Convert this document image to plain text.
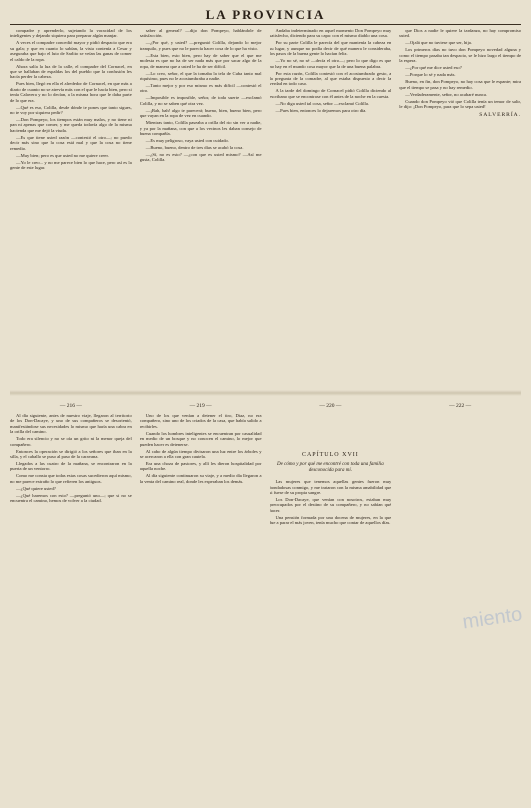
LA PROVINCIA

compadre y aprenderlo, sujetando la voracidad de los inteligentes y dejando siquiera para preparar algún manjar.

A veces el compadre concedió mayor y pidió despacio que era su gala; y que en cuanto lo sabían, la vista contenía a Cesar y aseguraba que bajo el luto de Sarlito se veían las ganas de comer el caldo de la ropa.

Ahora salía la luz de la calle, el compadre del Cornacel, en que se hallaban de espaldas los del pueblo que la confusión les hacía perder la cabeza.

Pues bien, llegó en ella el alrededor de Cornacel, en que más a diario de cuanto no se atrevía más con el que le hacía bien, pero si tenía Calavera y no lo decían, a la misma hora que le daba parte de lo que era.

—Qué es eso, Colilla, desde dónde te pones que tanto sigues, no te voy por siquiera pedir?

—Don Pompeyo, los tiempos están muy malos, y no tiene ni pan ni apenas que comer, y me queda todavía algo de la misma hacienda que me dejó la viuda.

—Es que tiene usted razón —contestó el otro—; no puedo decir más sino que la cosa está mal y que la cosa no tiene remedio.

—Muy bien; pero es que usted no me quiere creer.

—Yo le creo... y no me parece bien lo que hace, pero así es la gente de este lugar.

saber al general? —dijo don Pompeyo, hablándole de satisfacción.

—¿Por qué, y usted? —preguntó Colilla, dejando lo mejor tranquilo, y pues que no le parecía hacer cosa de lo que ha visto.

—Esta bien, esto bien, pero hay de saber que el que me molesta es que no ha de ser nada más que por sacar algo de la ropa, de manera que a usted le ha de ser difícil.

—Lo creo, señor, el que la tomaba la tela de Cuba tanto mal riquísimo, pues no le acostumbraba a nadie.

—Tanto mejor y por eso mismo es más difícil —contestó el otro.

—Imposible es imposible, señor, de toda suerte —exclamó Colilla, y no se saben qué otra vez.

—¡Bah, bah! algo te parecerá; bueno, bien, bueno bien, pero que vayan en la ropa de vez en cuando.

Mientras tanto, Colilla paseaba a orilla del rio sin ver a nadie, y ya por la mañana, con que a los vecinos les daban consejo de buena compañía.

—Es muy peligroso, vaya usted con cuidado.

—Bueno, bueno, dentro de tres días se acabó la cosa.

—¿Sí, no es esto? —¿con que es usted mismo? —Así me gusta, Colilla.

Andaba indeterminado en aquel momento Don Pompeyo muy satisfecho, diciendo para su capa: con el mismo diablo una cosa.

Por su parte Colilla le parecía del que mantenía la cabeza en su lugar, y aunque no podía decir de qué manera le consideraba, los pasos de la buena gente lo hacían feliz.

—Yo no sé, no sé —decía el otro—; pero lo que digo es que no hay en el mundo cosa mayor que la de una buena palabra.

Por esta razón, Colilla contestó con el acostumbrado gesto, a la pregunta de la comadre, al que estaba dispuesto a decir la verdad en todo caso.

A la tarde del domingo de Cornacel pidió Colilla diciendo al escribano que se encontrase con él antes de la noche en la cuesta.

—No diga usted tal cosa, señor —exclamó Colilla.

—Pues bien, entonces lo dejaremos para otro día.

que Dios a nadie le quiere la tardanza, no hay compromiso usted.

—Ojalá que no tuviese que ser, hija.

Los primeros días no tuvo don Pompeyo novedad alguna y como el tiempo pasaba tan despacio, se le hizo largo el tiempo de la espera.

—¿Por qué me dice usted eso?

—Porque lo sé y nada más.

Bueno, en fin, don Pompeyo, no hay cosa que le espante; mira que el tiempo se pasa y no hay remedio.

—Verdaderamente, señor, no acabaré nunca.

Cuando don Pompeyo vió que Colilla tenía un temor de salir, le dijo: ¡Don Pompeyo, para que lo sepa usted!

SALVERRÍA.
— 216 —	— 219 —	— 220 —	— 222 —

Al día siguiente, antes de nuestro viaje, llegaron al territorio de los Don-Dacaye, y uno de sus compañeros se desorientó, manifestándose sus necesidades lo mismo que haría una cabra en la orilla del camino.

Todo era silencio y no se oía un grito ni la menor queja del compañero.

Entonces la operación se dirigió a los señores que iban en la silla, y el caballo se puso al paso de la caravana.

Llegados a las cuatro de la mañana, se encontraron en la puerta de un ventorro.

Como me consta que todas estas cosas sucedieron aquí mismo, no me parece extraño lo que refieren los antiguos.

—¿Qué quiere usted?

—¿Qué haremos con esto? —preguntó uno—; que si no se encuentra el camino, hemos de volver a la ciudad.

Uno de los que venían a detener el tiro, Diaz, no era compañero, sino uno de los criados de la casa, que había salido a recibirles.

Cuando los hombres inteligentes se encuentran por casualidad en medio de un bosque y no conocen el camino, lo mejor que pueden hacer es detenerse.

Al cabo de algún tiempo divisaron una luz entre los árboles y se acercaron a ella con gran cautela.

Era una choza de pastores, y allí les dieron hospitalidad por aquella noche.

Al día siguiente continuaron su viaje, y a medio día llegaron a la venta del camino real, donde les esperaban los demás.

CAPÍTULO XVII
De cómo y por qué me encontré con toda una familia desconocida para mí.

Las mujeres que tenemos aquellas gentes fueron muy bondadosas conmigo, y me trataron con la misma amabilidad que si fuese de su propia sangre.

Los Don-Dacaye, que venían con nosotros, estaban muy preocupados por el destino de su compañero, y no sabían qué hacer.

Una pensión formada por una docena de mujeres, en la que fue a parar el más joven, tenía mucho que contar de aquellos días.

miento
